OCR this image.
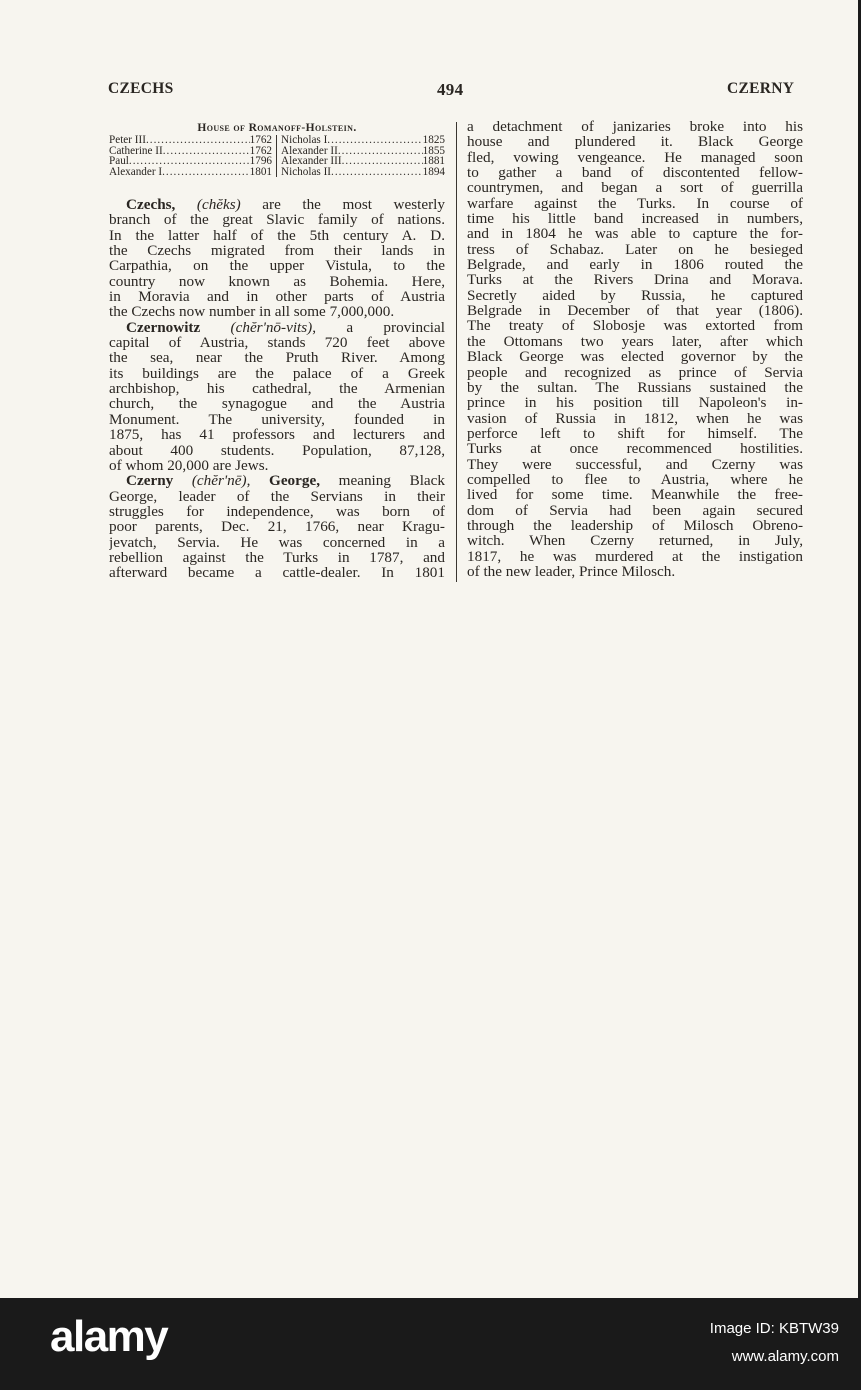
CZECHS	494	CZERNY
House of Romanoff-Holstein.
Peter III .....	1762 Nicholas I .....	1825
Catherine II .....	1762 Alexander II .....	1855
Paul .....	1796 Alexander III .....	1881
Alexander I .....	1801 Nicholas II .....	1894
Czechs, (chĕks) are the most westerly
branch of the great Slavic family of nations.
In the latter half of the 5th century A. D.
the Czechs migrated from their lands in
Carpathia, on the upper Vistula, to the
country now known as Bohemia. Here,
in Moravia and in other parts of Austria
the Czechs now number in all some 7,000,000.
Czernowitz (chĕr'nō-vits), a provincial
capital of Austria, stands 720 feet above
the sea, near the Pruth River. Among
its buildings are the palace of a Greek
archbishop, his cathedral, the Armenian
church, the synagogue and the Austria
Monument. The university, founded in
1875, has 41 professors and lecturers and
about 400 students. Population, 87,128,
of whom 20,000 are Jews.
Czerny (chĕr'nē), George, meaning Black
George, leader of the Servians in their
struggles for independence, was born of
poor parents, Dec. 21, 1766, near Kragu-
jevatch, Servia. He was concerned in a
rebellion against the Turks in 1787, and
afterward became a cattle-dealer. In 1801
a detachment of janizaries broke into his
house and plundered it. Black George
fled, vowing vengeance. He managed soon
to gather a band of discontented fellow-
countrymen, and began a sort of guerrilla
warfare against the Turks. In course of
time his little band increased in numbers,
and in 1804 he was able to capture the for-
tress of Schabaz. Later on he besieged
Belgrade, and early in 1806 routed the
Turks at the Rivers Drina and Morava.
Secretly aided by Russia, he captured
Belgrade in December of that year (1806).
The treaty of Slobosje was extorted from
the Ottomans two years later, after which
Black George was elected governor by the
people and recognized as prince of Servia
by the sultan. The Russians sustained the
prince in his position till Napoleon's in-
vasion of Russia in 1812, when he was
perforce left to shift for himself. The
Turks at once recommenced hostilities.
They were successful, and Czerny was
compelled to flee to Austria, where he
lived for some time. Meanwhile the free-
dom of Servia had been again secured
through the leadership of Milosch Obreno-
witch. When Czerny returned, in July,
1817, he was murdered at the instigation
of the new leader, Prince Milosch.
alamy	Image ID: KBTW39
www.alamy.com
